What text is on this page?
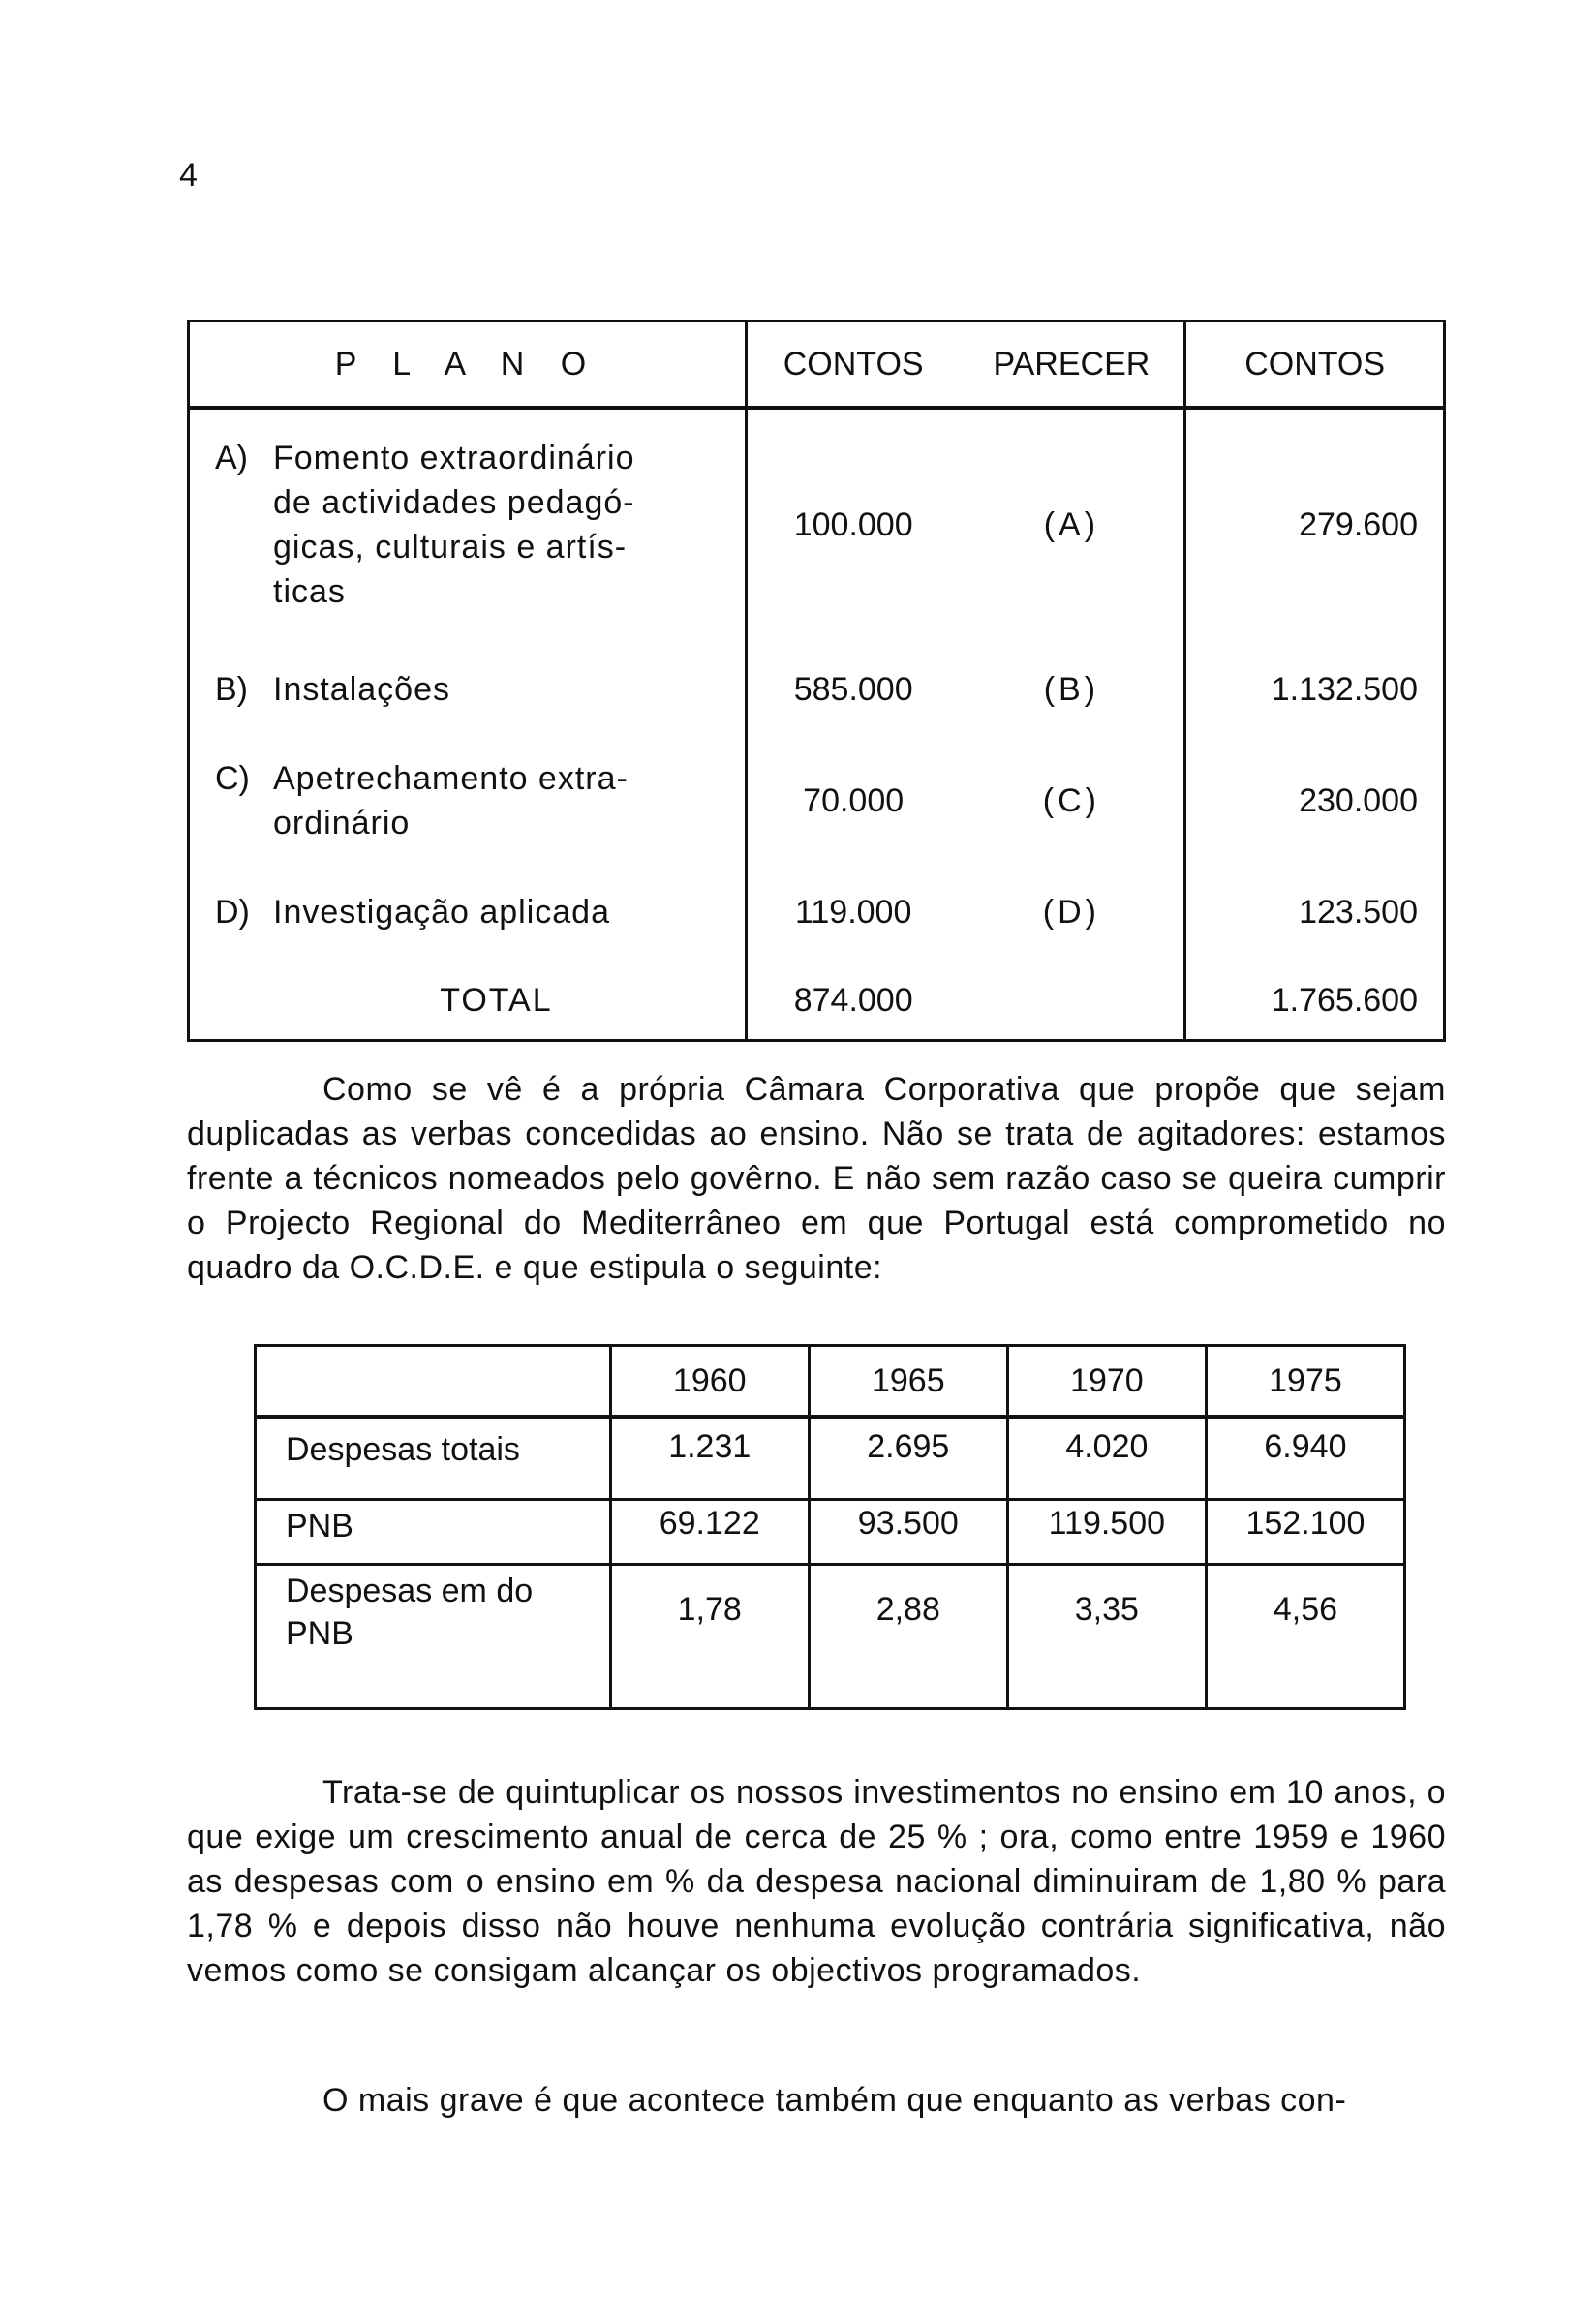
4
P L A N O	CONTOS	PARECER	CONTOS

A) Fomento extraordinário de actividades pedagó- gicas, culturais e artís- ticas	100.000	(A)	279.600

B) Instalações	585.000	(B)	1.132.500

C) Apetrechamento extra- ordinário	70.000	(C)	230.000

D) Investigação aplicada	119.000	(D)	123.500
TOTAL	874.000		1.765.600

Como se vê é a própria Câmara Corporativa que propõe que sejam duplicadas as verbas concedidas ao ensino. Não se trata de agitadores: estamos frente a técnicos nomeados pelo govêrno. E não sem razão caso se queira cumprir o Projecto Regional do Mediterrâneo em que Portugal está comprometido no quadro da O.C.D.E. e que estipula o seguinte:

	1960	1965	1970	1975
Despesas totais	1.231	2.695	4.020	6.940
PNB	69.122	93.500	119.500	152.100
Despesas em do PNB	1,78	2,88	3,35	4,56

Trata-se de quintuplicar os nossos investimentos no ensino em 10 anos, o que exige um crescimento anual de cerca de 25 % ; ora, como entre 1959 e 1960 as despesas com o ensino em % da despesa nacional diminuiram de 1,80 % para 1,78 % e depois disso não houve nenhuma evolução contrária significativa, não vemos como se consigam alcançar os objectivos programados.

O mais grave é que acontece também que enquanto as verbas con-
